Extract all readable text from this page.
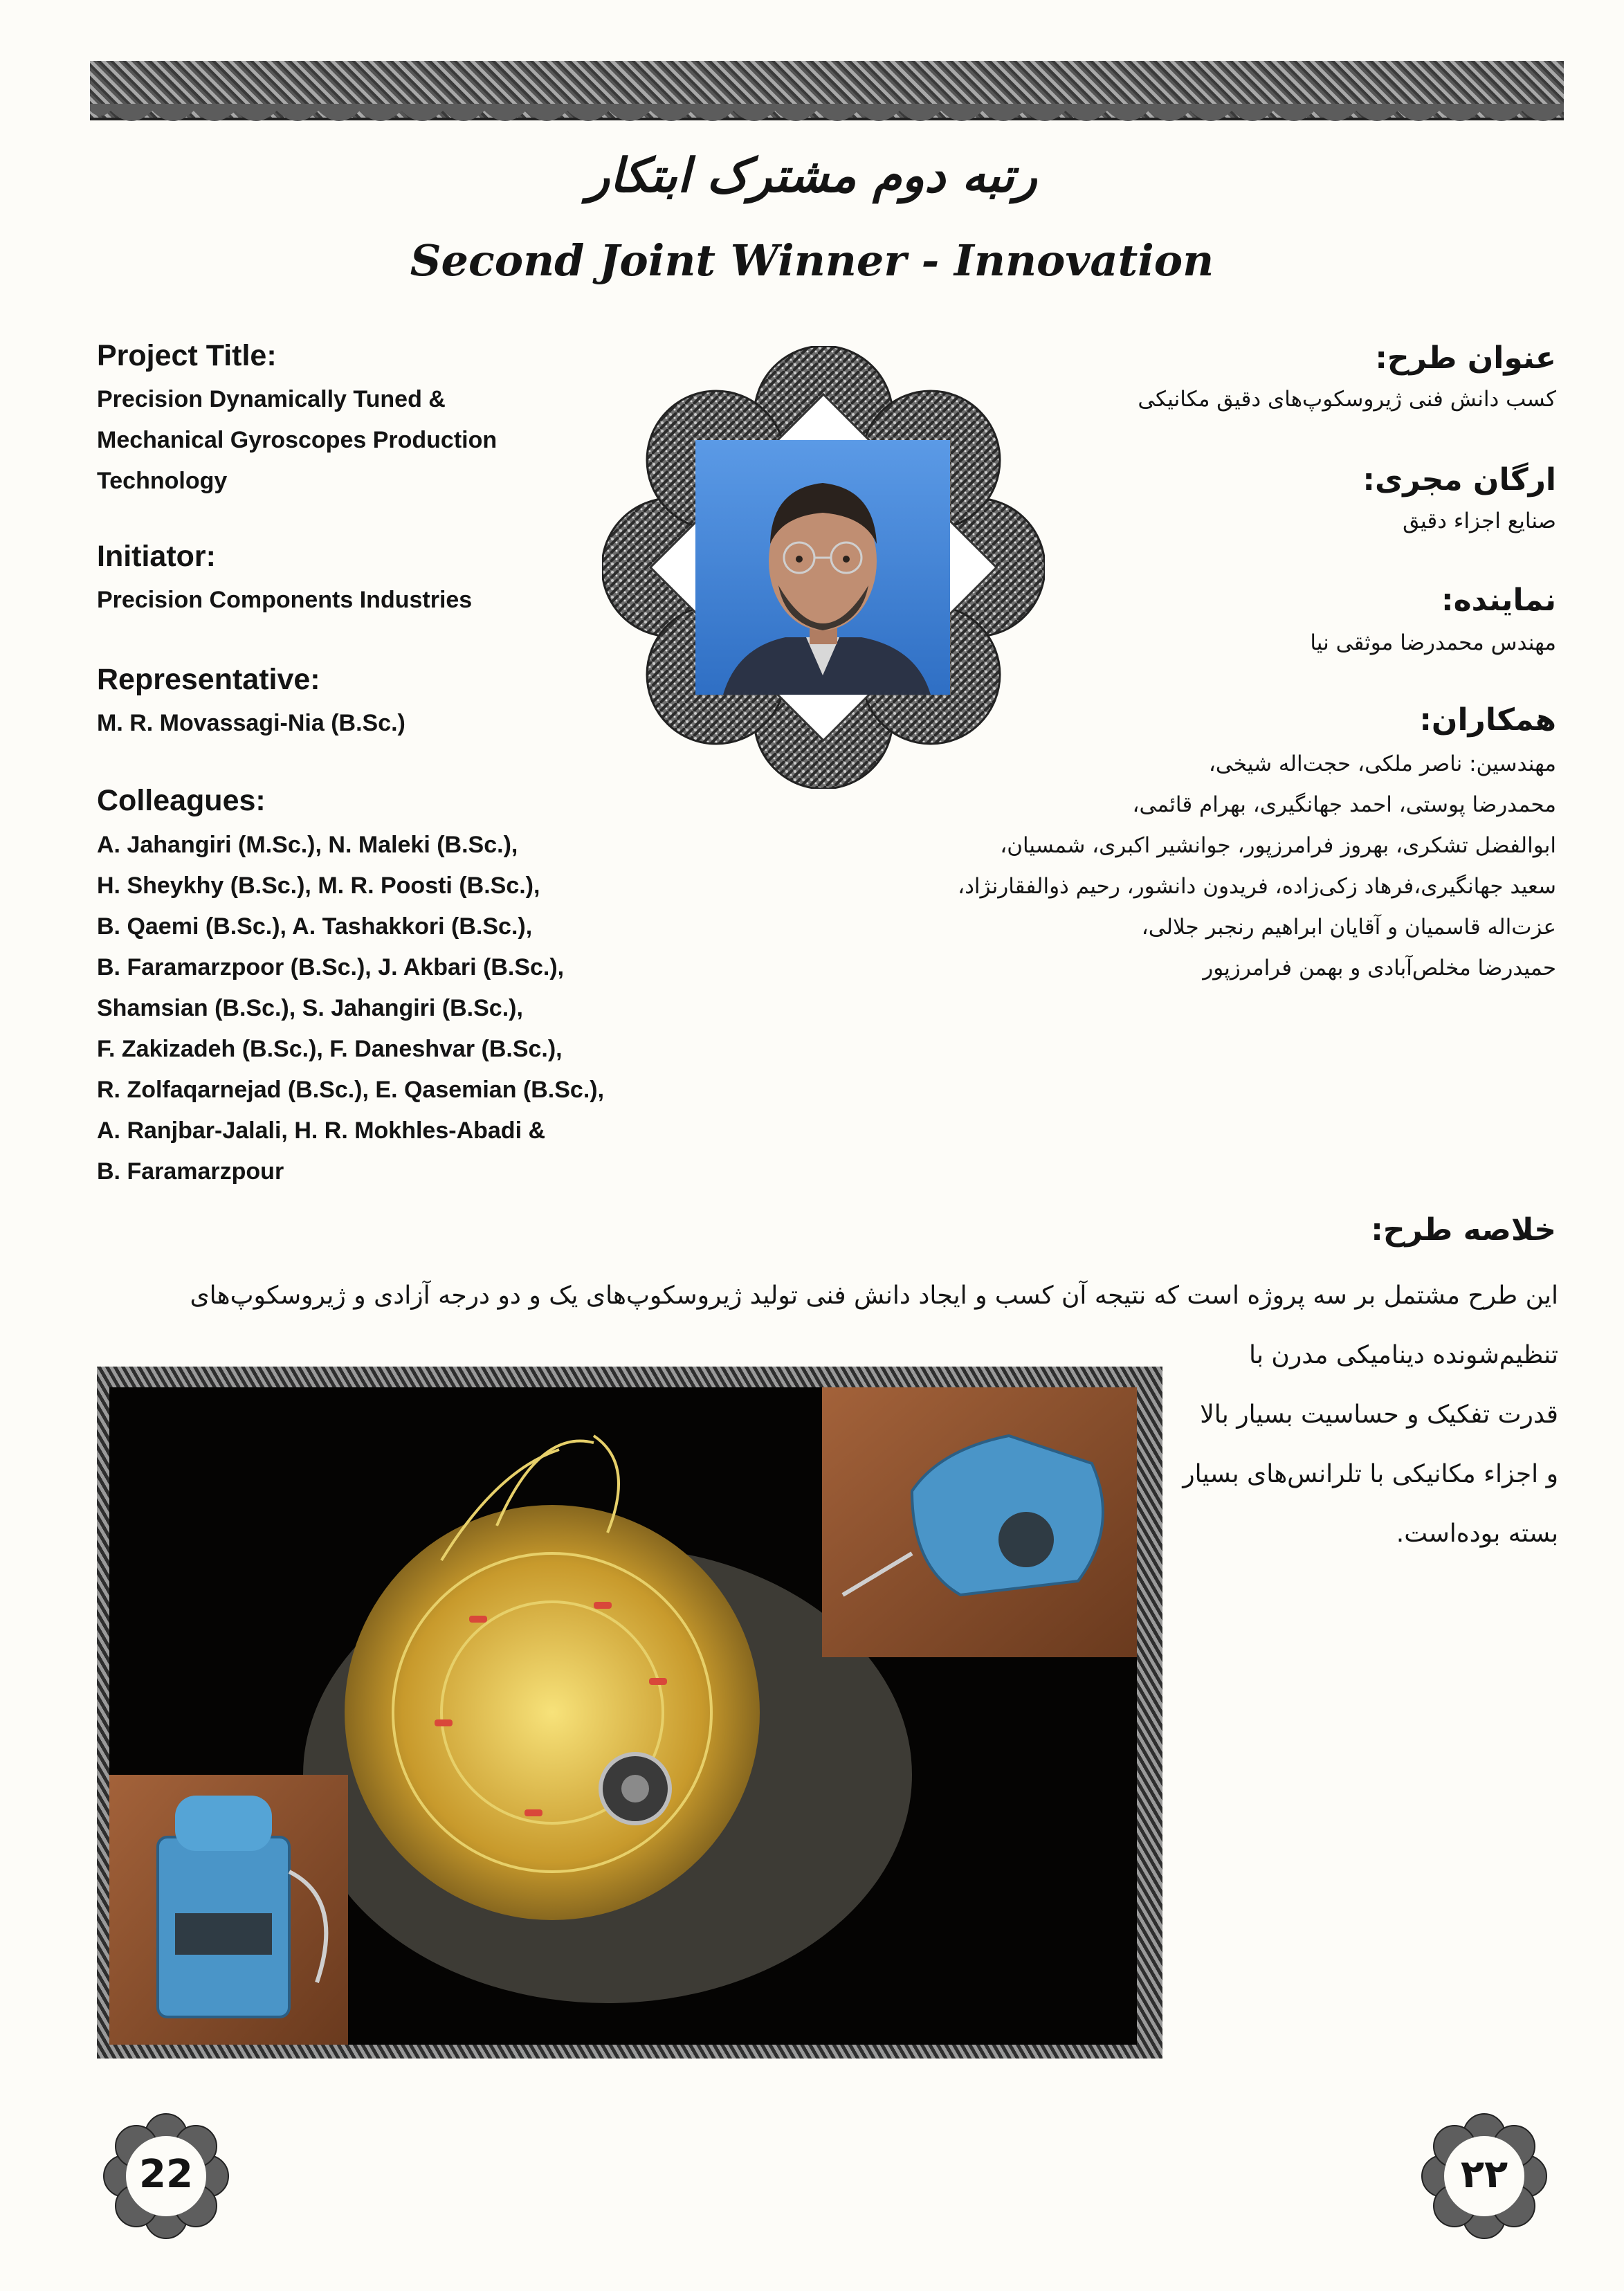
رتبه دوم مشترک ابتکار
Second Joint Winner - Innovation
Project Title:
Precision Dynamically Tuned &
Mechanical Gyroscopes Production
Technology
Initiator:
Precision Components Industries
Representative:
M. R. Movassagi-Nia (B.Sc.)
Colleagues:
A. Jahangiri (M.Sc.), N. Maleki (B.Sc.),
H. Sheykhy (B.Sc.), M. R. Poosti (B.Sc.),
B. Qaemi (B.Sc.), A. Tashakkori (B.Sc.),
B. Faramarzpoor (B.Sc.), J. Akbari (B.Sc.),
Shamsian (B.Sc.), S. Jahangiri (B.Sc.),
F. Zakizadeh (B.Sc.), F. Daneshvar (B.Sc.),
R. Zolfaqarnejad (B.Sc.), E. Qasemian (B.Sc.),
A. Ranjbar-Jalali, H. R. Mokhles-Abadi &
B. Faramarzpour
عنوان طرح:
کسب دانش فنی ژیروسکوپ‌های دقیق مکانیکی
ارگان مجری:
صنایع اجزاء دقیق
نماینده:
مهندس محمدرضا موثقی نیا
همکاران:
مهندسین: ناصر ملکی، حجت‌اله شیخی،
محمدرضا پوستی، احمد جهانگیری، بهرام قائمی،
ابوالفضل تشکری، بهروز فرامرزپور، جوانشیر اکبری، شمسیان،
سعید جهانگیری،فرهاد زکی‌زاده، فریدون دانشور، رحیم ذوالفقارنژاد،
عزت‌اله قاسمیان و آقایان ابراهیم رنجبر جلالی،
حمیدرضا مخلص‌آبادی و بهمن فرامرزپور
خلاصه طرح:
این طرح مشتمل بر سه پروژه است که نتیجه آن کسب و ایجاد دانش فنی تولید ژیروسکوپ‌های یک و دو درجه آزادی و ژیروسکوپ‌های
تنظیم‌شونده دینامیکی مدرن با
قدرت تفکیک و حساسیت بسیار بالا
و اجزاء مکانیکی با تلرانس‌های بسیار
بسته بوده‌است.
22	۲۲
